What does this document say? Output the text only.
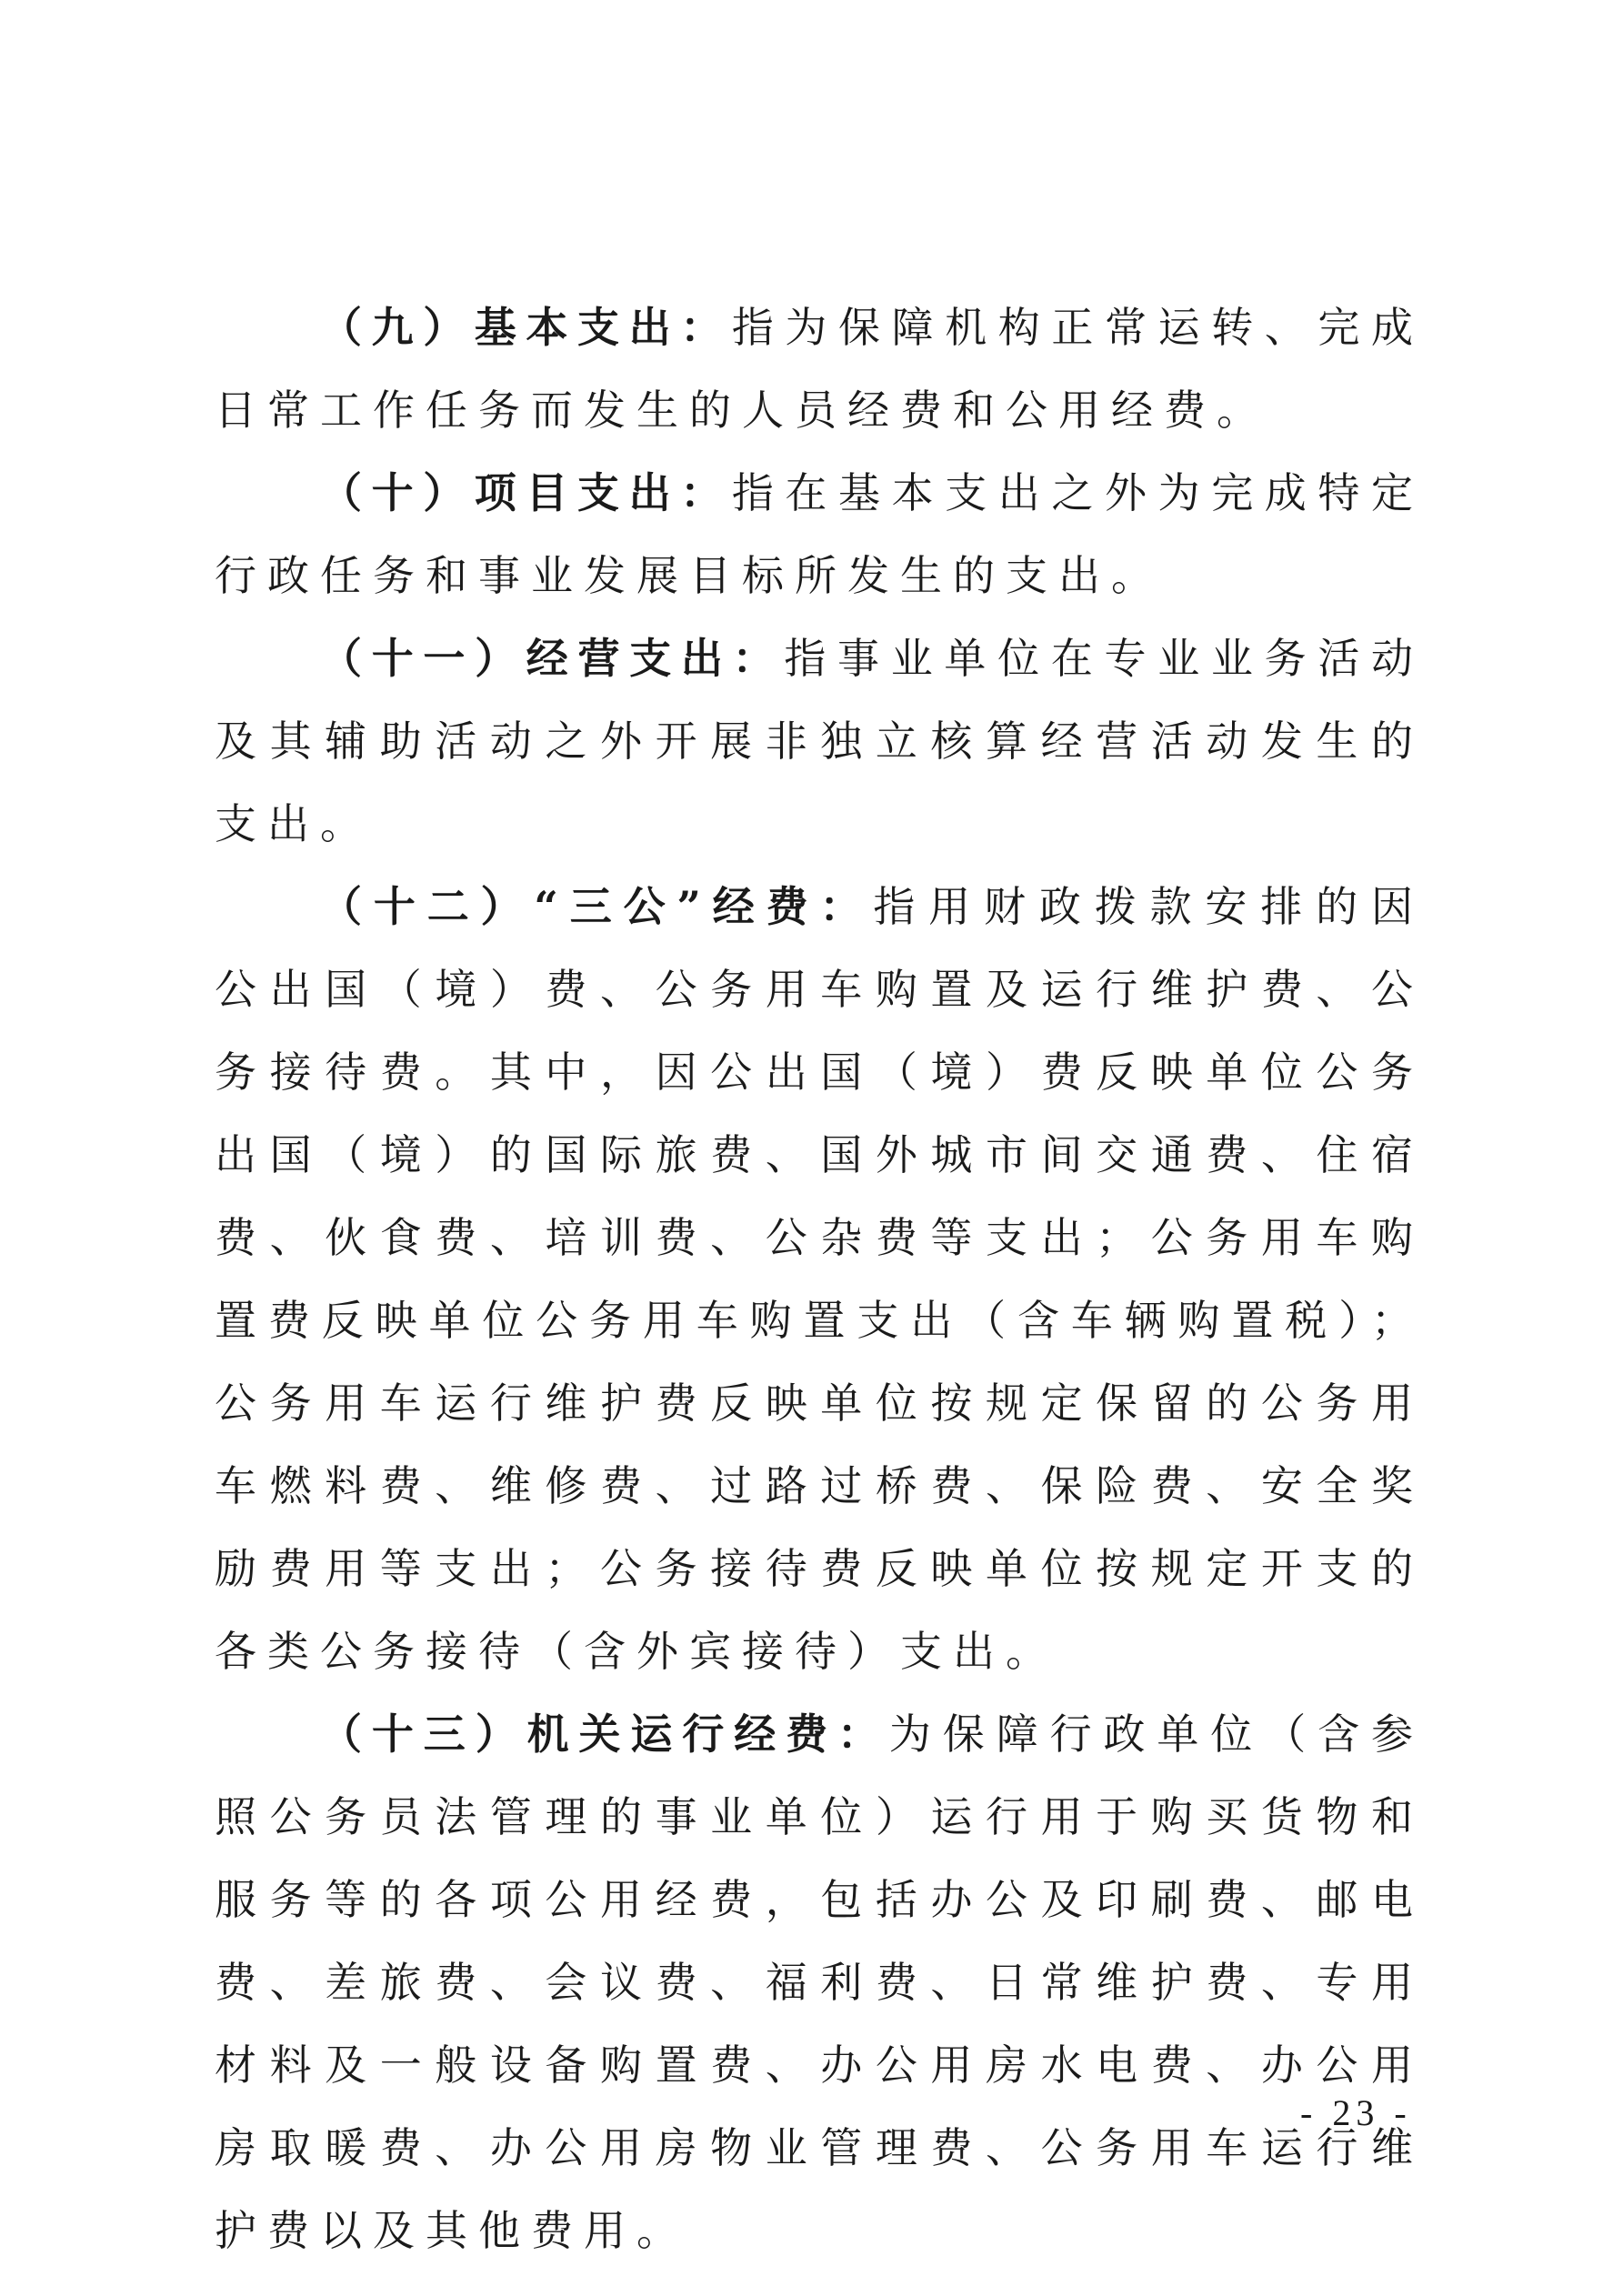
（九）基本支出：指为保障机构正常运转、完成日常工作任务而发生的人员经费和公用经费。

（十）项目支出：指在基本支出之外为完成特定行政任务和事业发展目标所发生的支出。

（十一）经营支出：指事业单位在专业业务活动及其辅助活动之外开展非独立核算经营活动发生的支出。

（十二）“三公”经费：指用财政拨款安排的因公出国（境）费、公务用车购置及运行维护费、公务接待费。其中，因公出国（境）费反映单位公务出国（境）的国际旅费、国外城市间交通费、住宿费、伙食费、培训费、公杂费等支出；公务用车购置费反映单位公务用车购置支出（含车辆购置税）；公务用车运行维护费反映单位按规定保留的公务用车燃料费、维修费、过路过桥费、保险费、安全奖励费用等支出；公务接待费反映单位按规定开支的各类公务接待（含外宾接待）支出。

（十三）机关运行经费：为保障行政单位（含参照公务员法管理的事业单位）运行用于购买货物和服务等的各项公用经费，包括办公及印刷费、邮电费、差旅费、会议费、福利费、日常维护费、专用材料及一般设备购置费、办公用房水电费、办公用房取暖费、办公用房物业管理费、公务用车运行维护费以及其他费用。

- 23 -
